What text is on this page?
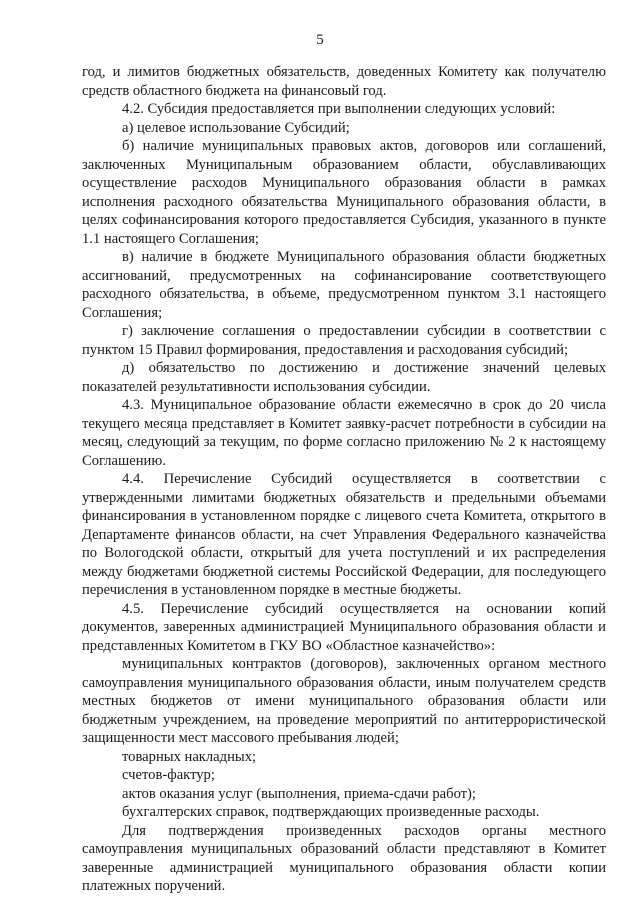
5

год, и лимитов бюджетных обязательств, доведенных Комитету как получателю средств областного бюджета на финансовый год.

4.2. Субсидия предоставляется при выполнении следующих условий:

а) целевое использование Субсидий;

б) наличие муниципальных правовых актов, договоров или соглашений, заключенных Муниципальным образованием области, обуславливающих осуществление расходов Муниципального образования области в рамках исполнения расходного обязательства Муниципального образования области, в целях софинансирования которого предоставляется Субсидия, указанного в пункте 1.1 настоящего Соглашения;

в) наличие в бюджете Муниципального образования области бюджетных ассигнований, предусмотренных на софинансирование соответствующего расходного обязательства, в объеме, предусмотренном пунктом 3.1 настоящего Соглашения;

г) заключение соглашения о предоставлении субсидии в соответствии с пунктом 15 Правил формирования, предоставления и расходования субсидий;

д) обязательство по достижению и достижение значений целевых показателей результативности использования субсидии.

4.3. Муниципальное образование области ежемесячно в срок до 20 числа текущего месяца представляет в Комитет заявку-расчет потребности в субсидии на месяц, следующий за текущим, по форме согласно приложению № 2 к настоящему Соглашению.

4.4. Перечисление Субсидий осуществляется в соответствии с утвержденными лимитами бюджетных обязательств и предельными объемами финансирования в установленном порядке с лицевого счета Комитета, открытого в Департаменте финансов области, на счет Управления Федерального казначейства по Вологодской области, открытый для учета поступлений и их распределения между бюджетами бюджетной системы Российской Федерации, для последующего перечисления в установленном порядке в местные бюджеты.

4.5. Перечисление субсидий осуществляется на основании копий документов, заверенных администрацией Муниципального образования области и представленных Комитетом в ГКУ ВО «Областное казначейство»:

муниципальных контрактов (договоров), заключенных органом местного самоуправления муниципального образования области, иным получателем средств местных бюджетов от имени муниципального образования области или бюджетным учреждением, на проведение мероприятий по антитеррористической защищенности мест массового пребывания людей;

товарных накладных;

счетов-фактур;

актов оказания услуг (выполнения, приема-сдачи работ);

бухгалтерских справок, подтверждающих произведенные расходы.

Для подтверждения произведенных расходов органы местного самоуправления муниципальных образований области представляют в Комитет заверенные администрацией муниципального образования области копии платежных поручений.
